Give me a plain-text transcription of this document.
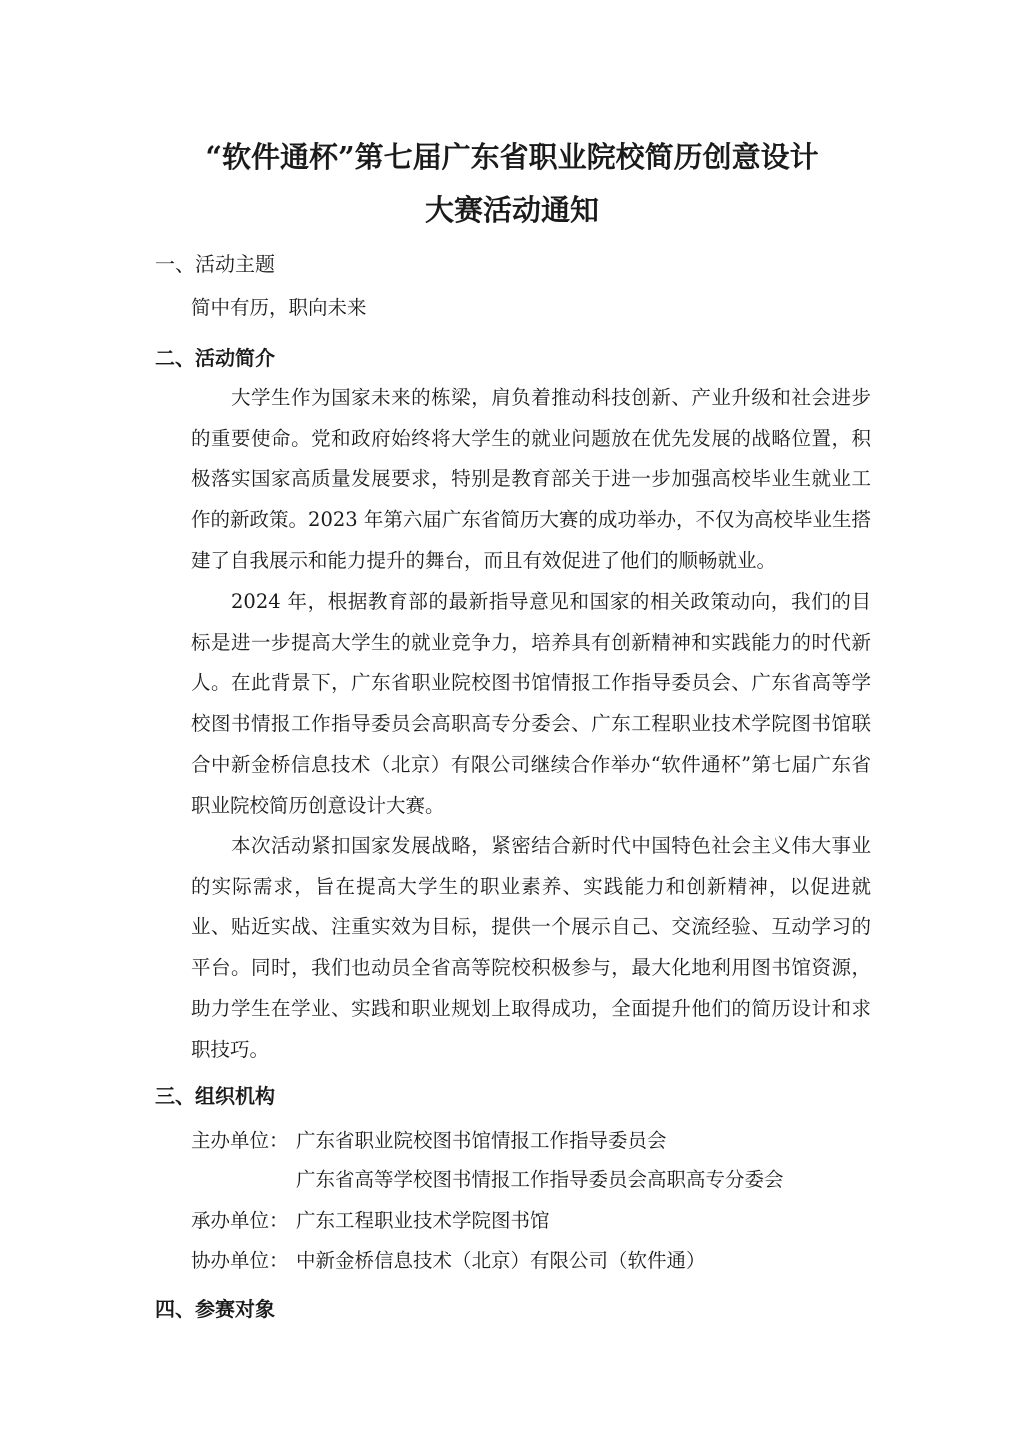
“软件通杯”第七届广东省职业院校简历创意设计
大赛活动通知
一、活动主题
简中有历，职向未来
二、活动简介
大学生作为国家未来的栋梁，肩负着推动科技创新、产业升级和社会进步的重要使命。党和政府始终将大学生的就业问题放在优先发展的战略位置，积极落实国家高质量发展要求，特别是教育部关于进一步加强高校毕业生就业工作的新政策。2023 年第六届广东省简历大赛的成功举办，不仅为高校毕业生搭建了自我展示和能力提升的舞台，而且有效促进了他们的顺畅就业。
2024 年，根据教育部的最新指导意见和国家的相关政策动向，我们的目标是进一步提高大学生的就业竞争力，培养具有创新精神和实践能力的时代新人。在此背景下，广东省职业院校图书馆情报工作指导委员会、广东省高等学校图书情报工作指导委员会高职高专分委会、广东工程职业技术学院图书馆联合中新金桥信息技术（北京）有限公司继续合作举办“软件通杯”第七届广东省职业院校简历创意设计大赛。
本次活动紧扣国家发展战略，紧密结合新时代中国特色社会主义伟大事业的实际需求，旨在提高大学生的职业素养、实践能力和创新精神，以促进就业、贴近实战、注重实效为目标，提供一个展示自己、交流经验、互动学习的平台。同时，我们也动员全省高等院校积极参与，最大化地利用图书馆资源，助力学生在学业、实践和职业规划上取得成功，全面提升他们的简历设计和求职技巧。
三、组织机构
主办单位： 广东省职业院校图书馆情报工作指导委员会
广东省高等学校图书情报工作指导委员会高职高专分委会
承办单位： 广东工程职业技术学院图书馆
协办单位： 中新金桥信息技术（北京）有限公司（软件通）
四、参赛对象
